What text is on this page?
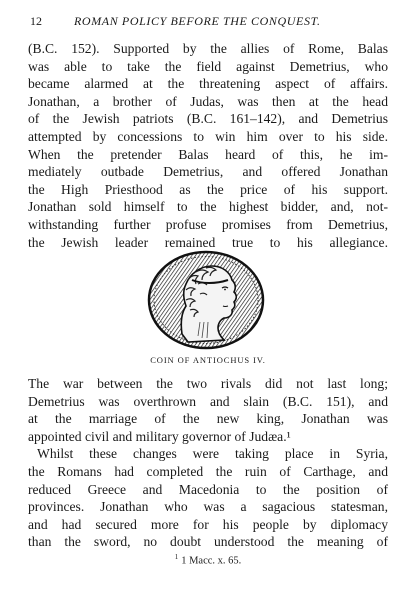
12	ROMAN POLICY BEFORE THE CONQUEST.
(B.C. 152). Supported by the allies of Rome, Balas
was able to take the field against Demetrius, who
became alarmed at the threatening aspect of affairs.
Jonathan, a brother of Judas, was then at the head
of the Jewish patriots (B.C. 161–142), and Demetrius
attempted by concessions to win him over to his side.
When the pretender Balas heard of this, he im-
mediately outbade Demetrius, and offered Jonathan
the High Priesthood as the price of his support.
Jonathan sold himself to the highest bidder, and, not-
withstanding further profuse promises from Demetrius,
the Jewish leader remained true to his allegiance.
COIN OF ANTIOCHUS IV.
The war between the two rivals did not last long;
Demetrius was overthrown and slain (B.C. 151), and
at the marriage of the new king, Jonathan was
appointed civil and military governor of Judæa.¹
Whilst these changes were taking place in Syria,
the Romans had completed the ruin of Carthage, and
reduced Greece and Macedonia to the position of
provinces. Jonathan who was a sagacious statesman,
and had secured more for his people by diplomacy
than the sword, no doubt understood the meaning of
$^1$ 1 Macc. x. 65.
